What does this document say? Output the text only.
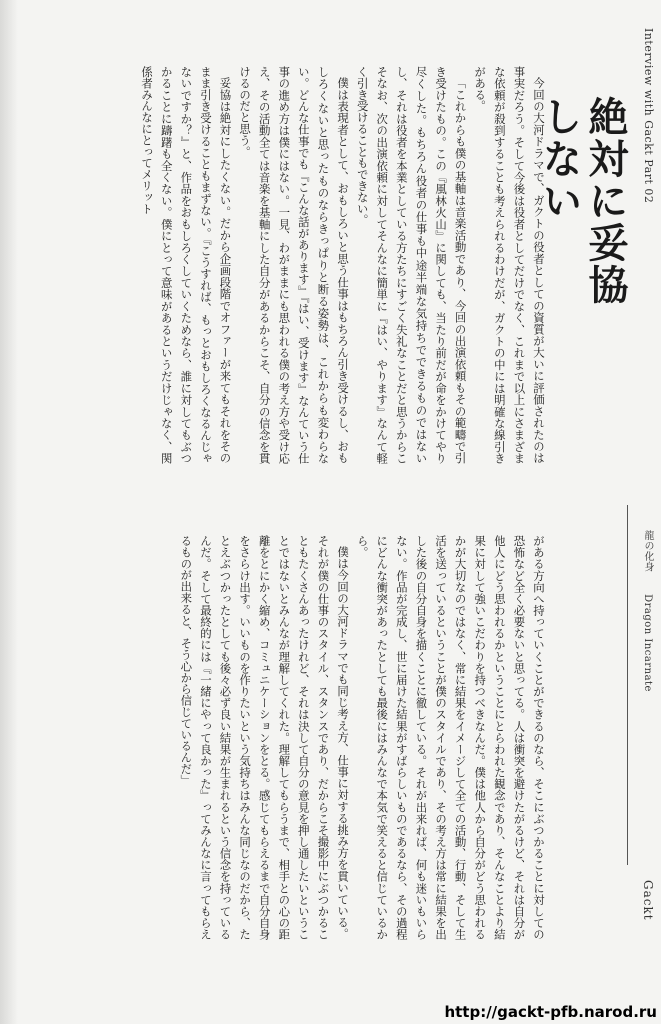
Interview with Gackt Part 02
絶対に妥協しない
龍の化身      Dragon Incarnate
Gackt

今回の大河ドラマで、ガクトの役者としての資質が大いに評価されたのは事実だろう。そして今後は役者としてだけでなく、これまで以上にさまざまな依頼が殺到することも考えられるわけだが、ガクトの中には明確な線引きがある。

「これからも僕の基軸は音楽活動であり、今回の出演依頼もその範疇で引き受けたもの。この『風林火山』に関しても、当たり前だが命をかけてやり尽くした。もちろん役者の仕事も中途半端な気持ちでできるものではないし、それは役者を本業としている方たちにすごく失礼なことだと思うからこそなお、次の出演依頼に対してそんなに簡単に『はい、やります』なんて軽く引き受けることもできない。

僕は表現者として、おもしろいと思う仕事はもちろん引き受けるし、おもしろくないと思ったものならきっぱりと断る姿勢は、これからも変わらない。どんな仕事でも『こんな話があります』『はい、受けます』なんていう仕事の進め方は僕にはない。一見、わがままにも思われる僕の考え方や受け応え、その活動全ては音楽を基軸にした自分があるからこそ、自分の信念を貫けるのだと思う。

妥協は絶対にしたくない。だから企画段階でオファーが来てもそれをそのまま引き受けることもまずない。『こうすれば、もっとおもしろくなるんじゃないですか？』と、作品をおもしろくしていくためなら、誰に対してもぶつかることに躊躇も全くない。僕にとって意味があるというだけじゃなく、関係者みんなにとってメリット

がある方向へ持っていくことができるのなら、そこにぶつかることに対しての恐怖など全く必要ないと思ってる。人は衝突を避けたがるけど、それは自分が他人にどう思われるかということにとらわれた観念であり、そんなことより結果に対して強いこだわりを持つべきなんだ。僕は他人から自分がどう思われるかが大切なのではなく、常に結果をイメージして全ての活動、行動、そして生活を送っているということが僕のスタイルであり、その考え方は常に結果を出した後の自分自身を描くことに徹している。それが出来れば、何も迷いもいらない。作品が完成し、世に届けた結果がすばらしいものであるなら、その過程にどんな衝突があったとしても最後にはみんなで本気で笑えると信じているから。

僕は今回の大河ドラマでも同じ考え方、仕事に対する挑み方を貫いている。それが僕の仕事のスタイル、スタンスであり、だからこそ撮影中にぶつかることもたくさんあったけれど、それは決して自分の意見を押し通したいということではないとみんなが理解してくれた。理解してもらうまで、相手との心の距離をとにかく縮め、コミュニケーションをとる。感じてもらえるまで自分自身をさらけ出す。いいものを作りたいという気持ちはみんな同じなのだから、たとえぶつかったとしても後々必ず良い結果が生まれるという信念を持っているんだ。そして最終的には『一緒にやって良かった』ってみんなに言ってもらえるものが出来ると、そう心から信じているんだ」

http://gackt-pfb.narod.ru
